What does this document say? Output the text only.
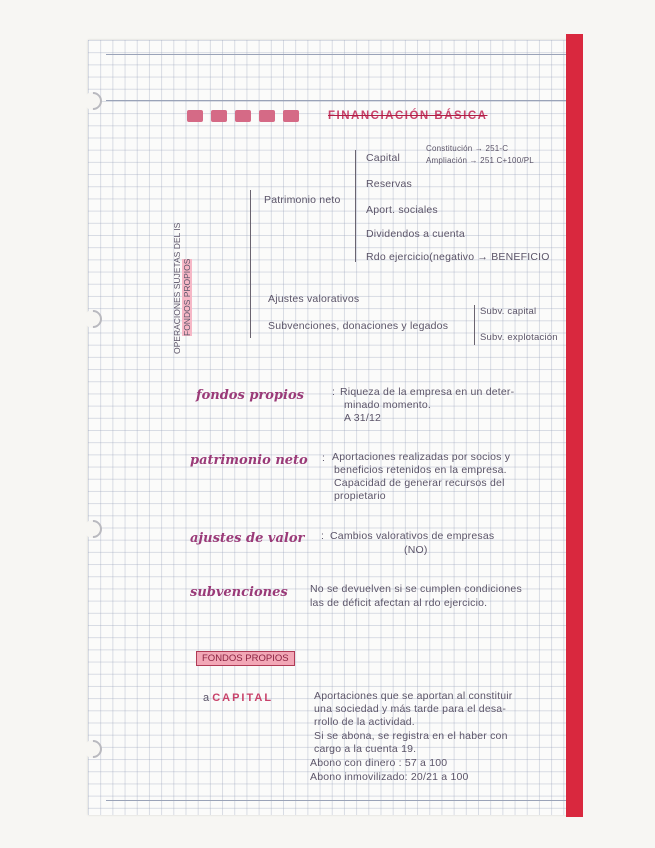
FINANCIACIÓN BÁSICA
OPERACIONES SUJETAS DEL IS FONDOS PROPIOS
Patrimonio neto
Capital
Constitución → 251-C
Ampliación → 251 C+100/PL
Reservas
Aport. sociales
Dividendos a cuenta
Rdo ejercicio(negativo → BENEFICIO
Ajustes valorativos
Subvenciones, donaciones y legados
Subv. capital
Subv. explotación
fondos propios	: Riqueza de la empresa en un deter-
minado momento.
A 31/12
patrimonio neto : Aportaciones realizadas por socios y
beneficios retenidos en la empresa.
Capacidad de generar recursos del
propietario
ajustes de valor : Cambios valorativos de empresas
(NO)
subvenciones No se devuelven si se cumplen condiciones
las de déficit afectan al rdo ejercicio.
FONDOS PROPIOS
a CAPITAL	Aportaciones que se aportan al constituir
una sociedad y más tarde para el desa-
rrollo de la actividad.
Si se abona, se registra en el haber con
cargo a la cuenta 19.
Abono con dinero : 57 a 100
Abono inmovilizado: 20/21 a 100
